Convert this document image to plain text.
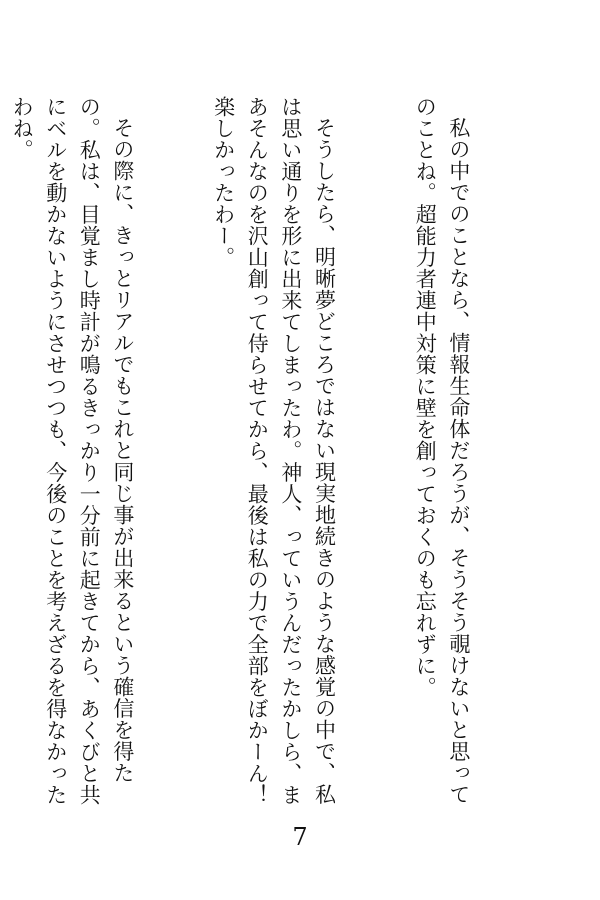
私の中でのことなら、情報生命体だろうが、そうそう覗けないと思ってのことね。超能力者連中対策に壁を創っておくのも忘れずに。

そうしたら、明晰夢どころではない現実地続きのような感覚の中で、私は思い通りを形に出来てしまったわ。神人、っていうんだったかしら、まあそんなのを沢山創って侍らせてから、最後は私の力で全部をぼかーん！　楽しかったわー。

その際に、きっとリアルでもこれと同じ事が出来るという確信を得たの。私は、目覚まし時計が鳴るきっかり一分前に起きてから、あくびと共にベルを動かないようにさせつつも、今後のことを考えざるを得なかったわね。

7
